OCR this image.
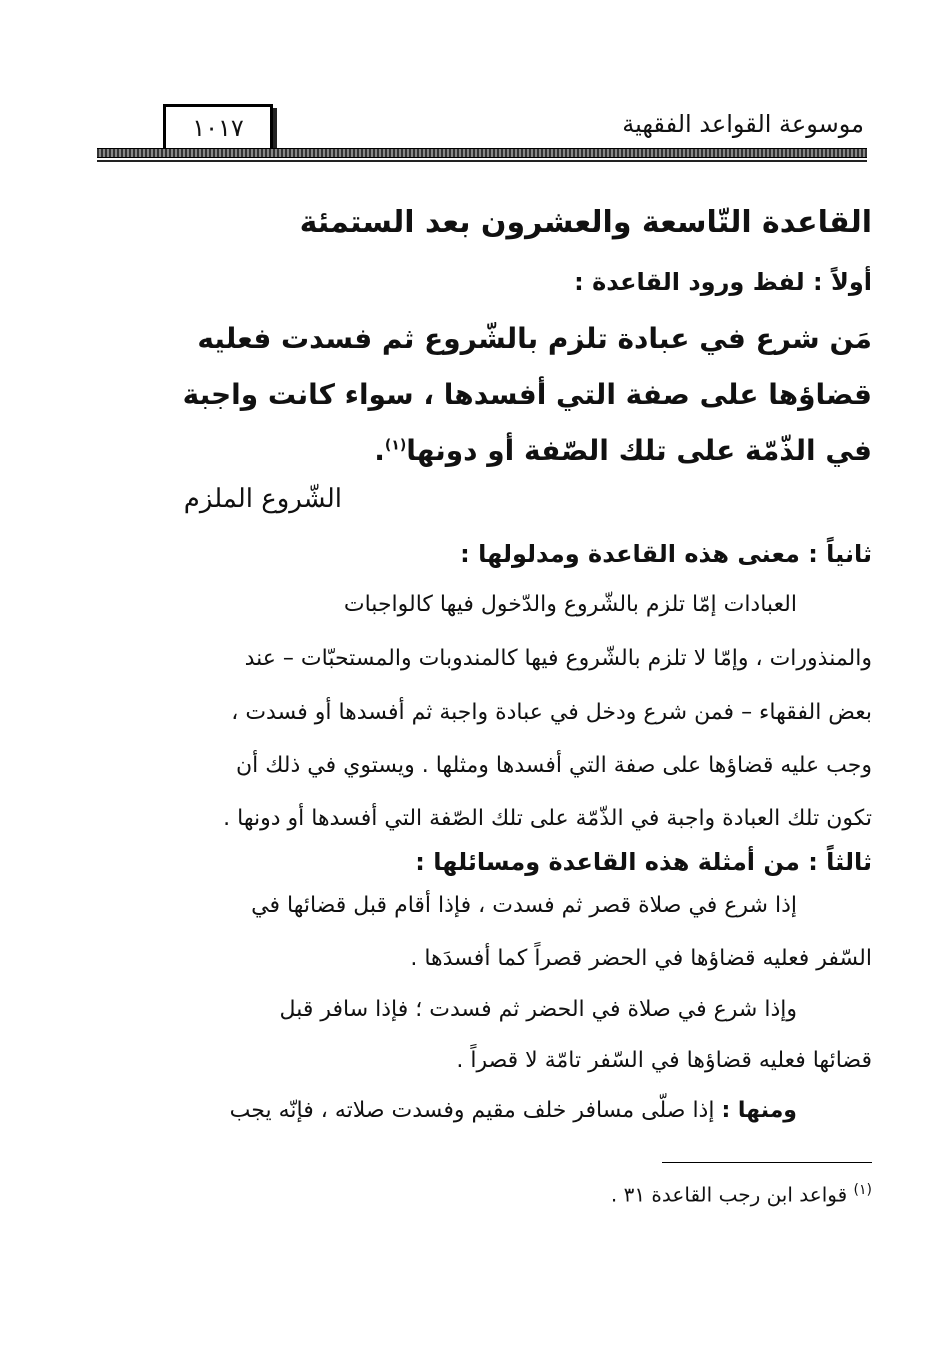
موسوعة القواعد الفقهية
١٠١٧
القاعدة التّاسعة والعشرون بعد الستمئة
أولاً : لفظ ورود القاعدة :
مَن شرع في عبادة تلزم بالشّروع ثم فسدت فعليه
قضاؤها على صفة التي أفسدها ، سواء كانت واجبة
في الذّمّة على تلك الصّفة أو دونها$^{(١)}$.
الشّروع الملزم
ثانياً : معنى هذه القاعدة ومدلولها :
العبادات إمّا تلزم بالشّروع والدّخول فيها كالواجبات
والمنذورات ، وإمّا لا تلزم بالشّروع فيها كالمندوبات والمستحبّات – عند
بعض الفقهاء – فمن شرع ودخل في عبادة واجبة ثم أفسدها أو فسدت ،
وجب عليه قضاؤها على صفة التي أفسدها ومثلها . ويستوي في ذلك أن
تكون تلك العبادة واجبة في الذّمّة على تلك الصّفة التي أفسدها أو دونها .
ثالثاً : من أمثلة هذه القاعدة ومسائلها :
إذا شرع في صلاة قصر ثم فسدت ، فإذا أقام قبل قضائها في
السّفر فعليه قضاؤها في الحضر قصراً كما أفسدَها .
وإذا شرع في صلاة في الحضر ثم فسدت ؛ فإذا سافر قبل
قضائها فعليه قضاؤها في السّفر تامّة لا قصراً .
ومنها : إذا صلّى مسافر خلف مقيم وفسدت صلاته ، فإنّه يجب
$^{(١)}$ قواعد ابن رجب القاعدة ٣١ .
